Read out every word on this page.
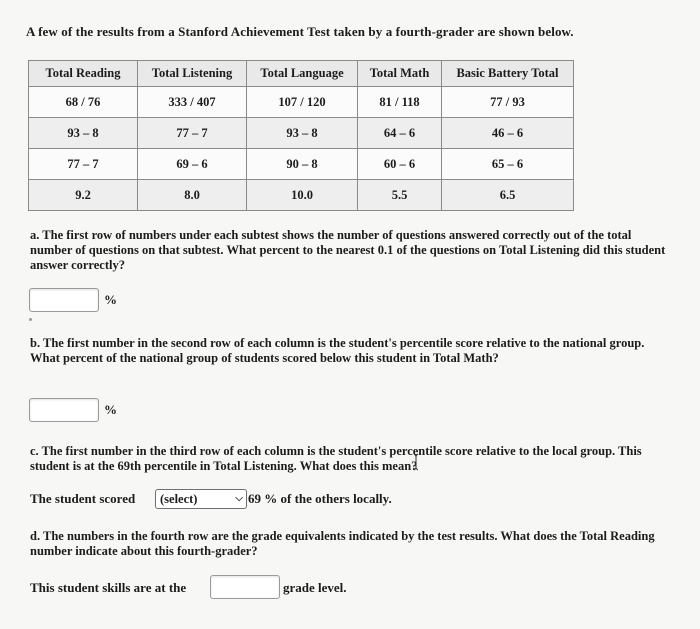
A few of the results from a Stanford Achievement Test taken by a fourth-grader are shown below.
Total Reading	Total Listening	Total Language	Total Math	Basic Battery Total
68 / 76	333 / 407	107 / 120	81 / 118	77 / 93
93 – 8	77 – 7	93 – 8	64 – 6	46 – 6
77 – 7	69 – 6	90 – 8	60 – 6	65 – 6
9.2	8.0	10.0	5.5	6.5
a. The first row of numbers under each subtest shows the number of questions answered correctly out of the total number of questions on that subtest. What percent to the nearest 0.1 of the questions on Total Listening did this student answer correctly?
%
b. The first number in the second row of each column is the student's percentile score relative to the national group. What percent of the national group of students scored below this student in Total Math?
%
c. The first number in the third row of each column is the student's percentile score relative to the local group. This student is at the 69th percentile in Total Listening. What does this mean?
The student scored	(select)	⌵ 69 % of the others locally.
d. The numbers in the fourth row are the grade equivalents indicated by the test results. What does the Total Reading number indicate about this fourth-grader?
This student skills are at the	grade level.
